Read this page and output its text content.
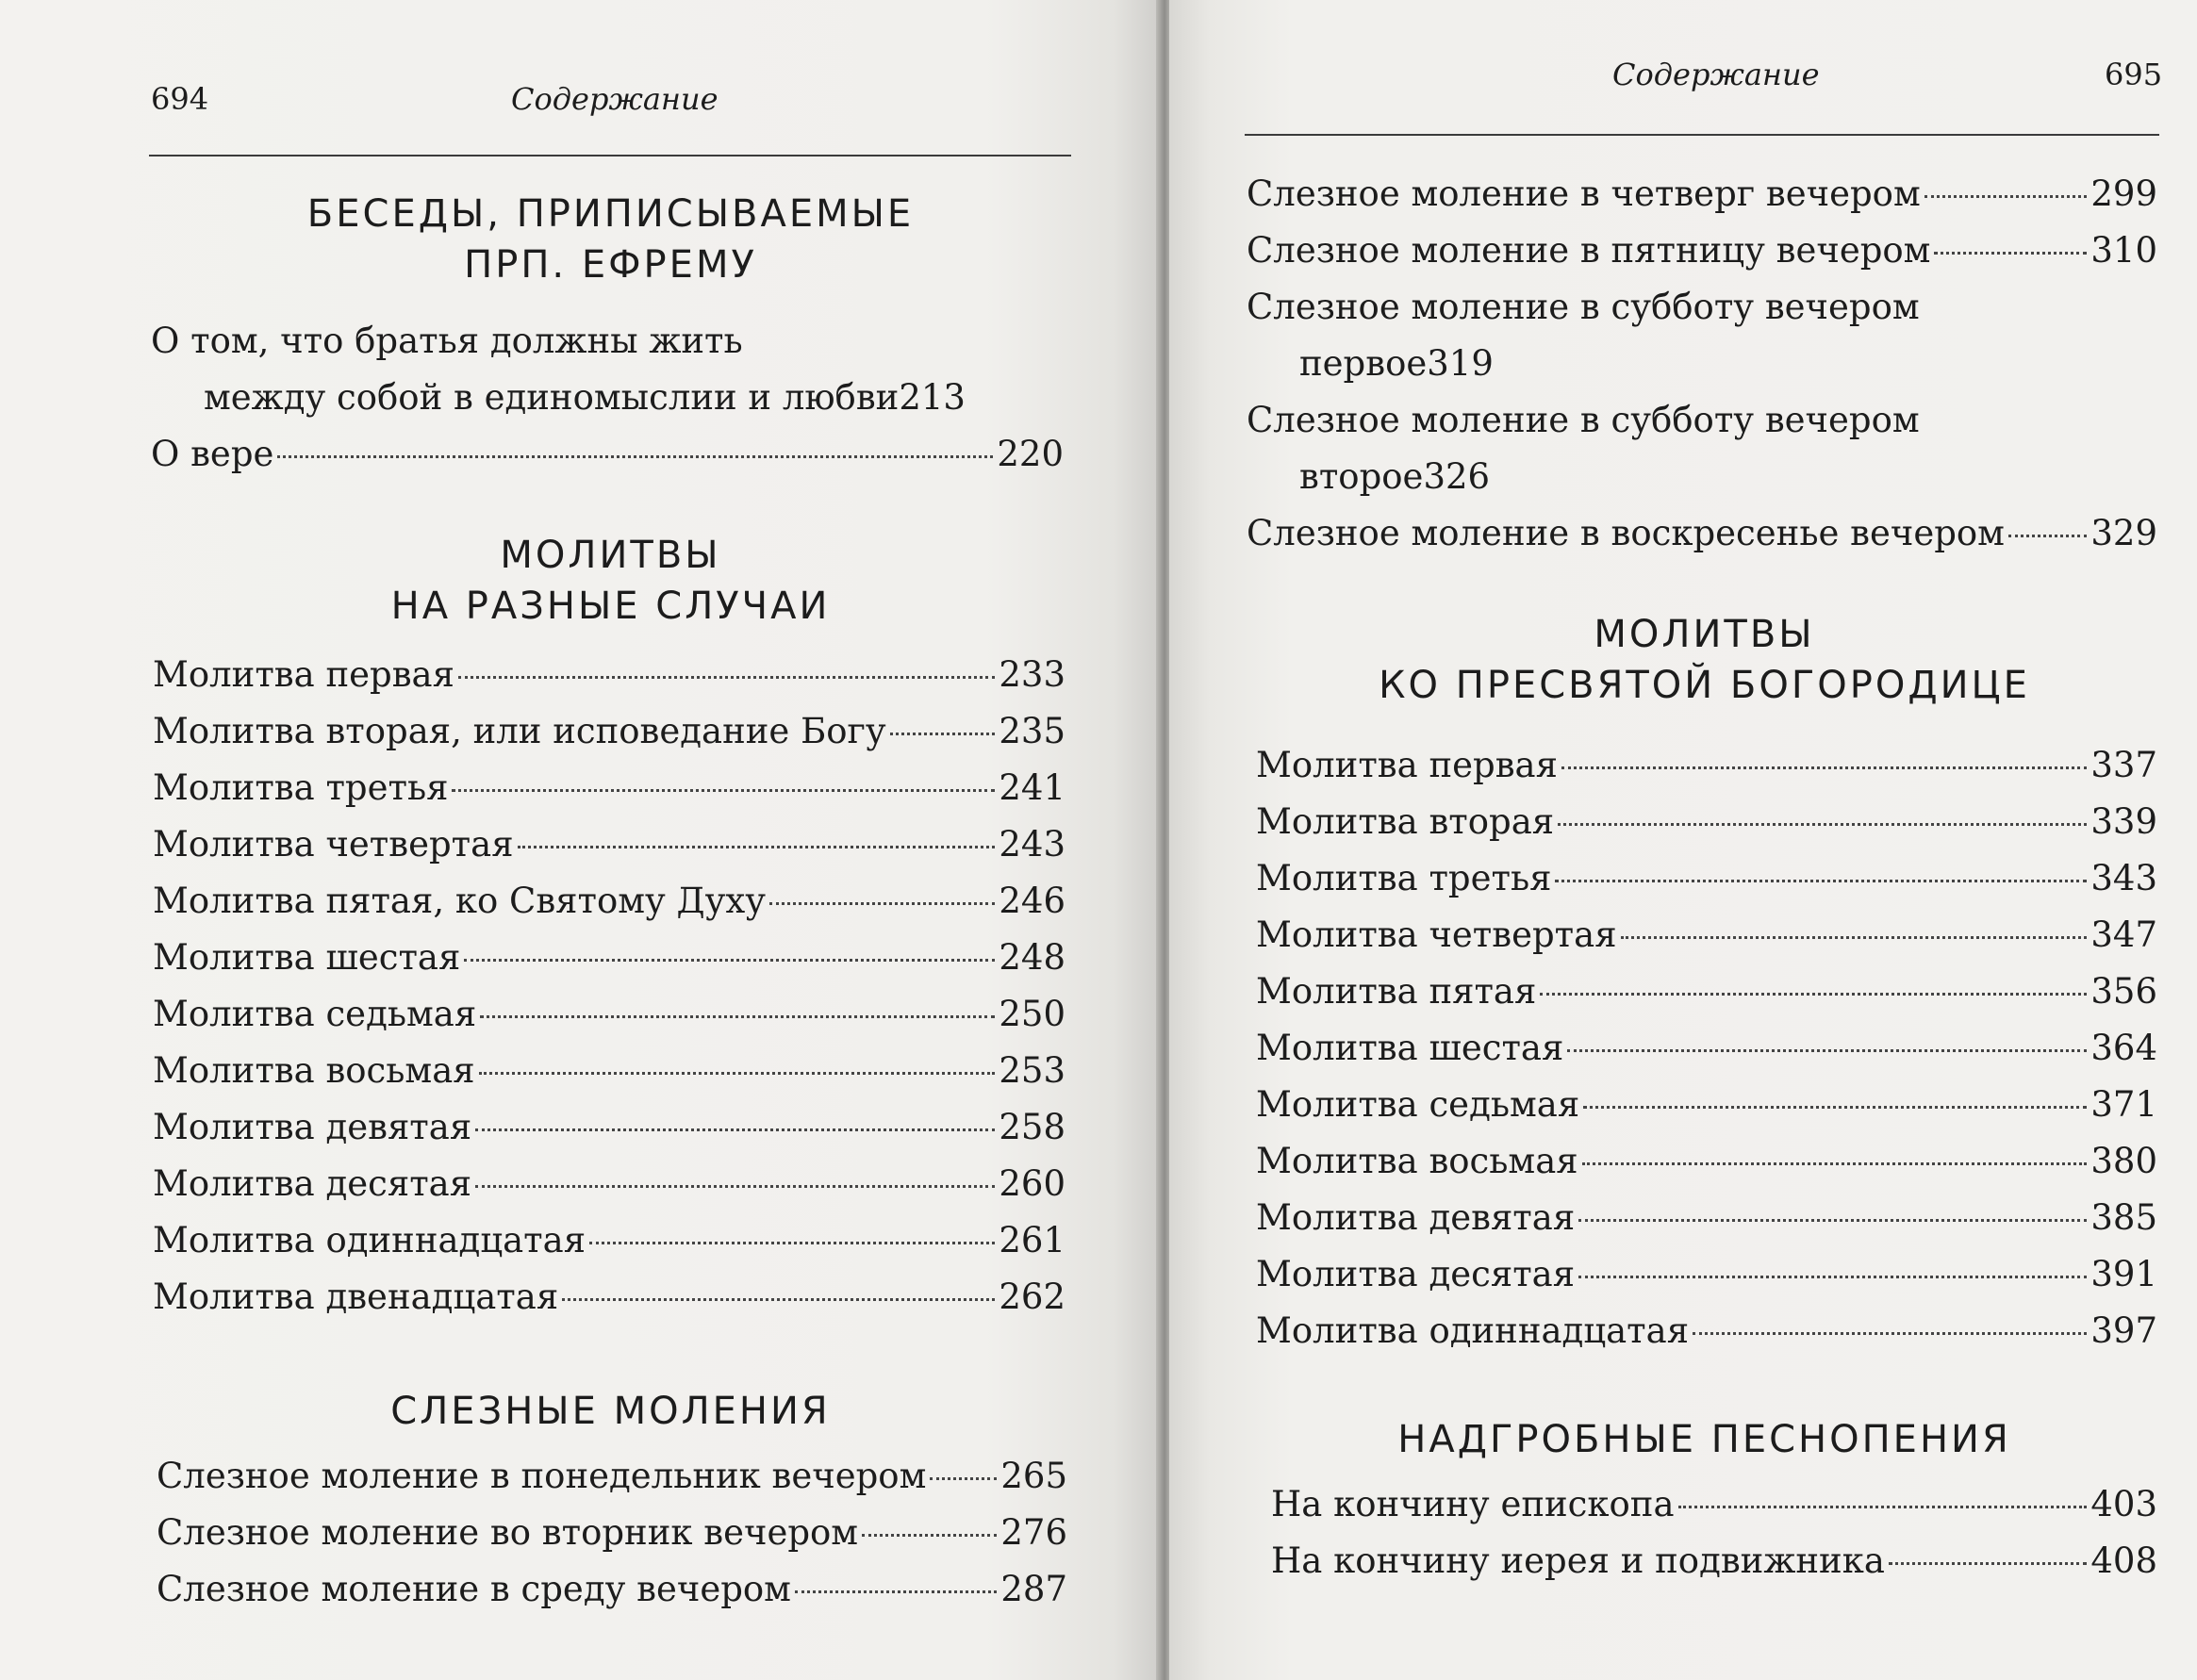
694	Содержание
БЕСЕДЫ, ПРИПИСЫВАЕМЫЕ
ПРП. ЕФРЕМУ
О том, что братья должны жить
между собой в единомыслии и любви 213
О вере	220
МОЛИТВЫ
НА РАЗНЫЕ СЛУЧАИ
Молитва первая	233
Молитва вторая, или исповедание Богу	235
Молитва третья	241
Молитва четвертая	243
Молитва пятая, ко Святому Духу	246
Молитва шестая	248
Молитва седьмая	250
Молитва восьмая	253
Молитва девятая	258
Молитва десятая	260
Молитва одиннадцатая	261
Молитва двенадцатая	262
СЛЕЗНЫЕ МОЛЕНИЯ
Слезное моление в понедельник вечером 265
Слезное моление во вторник вечером	276
Слезное моление в среду вечером	287
Содержание	695
Слезное моление в четверг вечером	299
Слезное моление в пятницу вечером	310
Слезное моление в субботу вечером
первое 319
Слезное моление в субботу вечером
второе 326
Слезное моление в воскресенье вечером 329
МОЛИТВЫ
КО ПРЕСВЯТОЙ БОГОРОДИЦЕ
Молитва первая	337
Молитва вторая	339
Молитва третья	343
Молитва четвертая	347
Молитва пятая	356
Молитва шестая	364
Молитва седьмая	371
Молитва восьмая	380
Молитва девятая	385
Молитва десятая	391
Молитва одиннадцатая	397
НАДГРОБНЫЕ ПЕСНОПЕНИЯ
На кончину епископа	403
На кончину иерея и подвижника	408
